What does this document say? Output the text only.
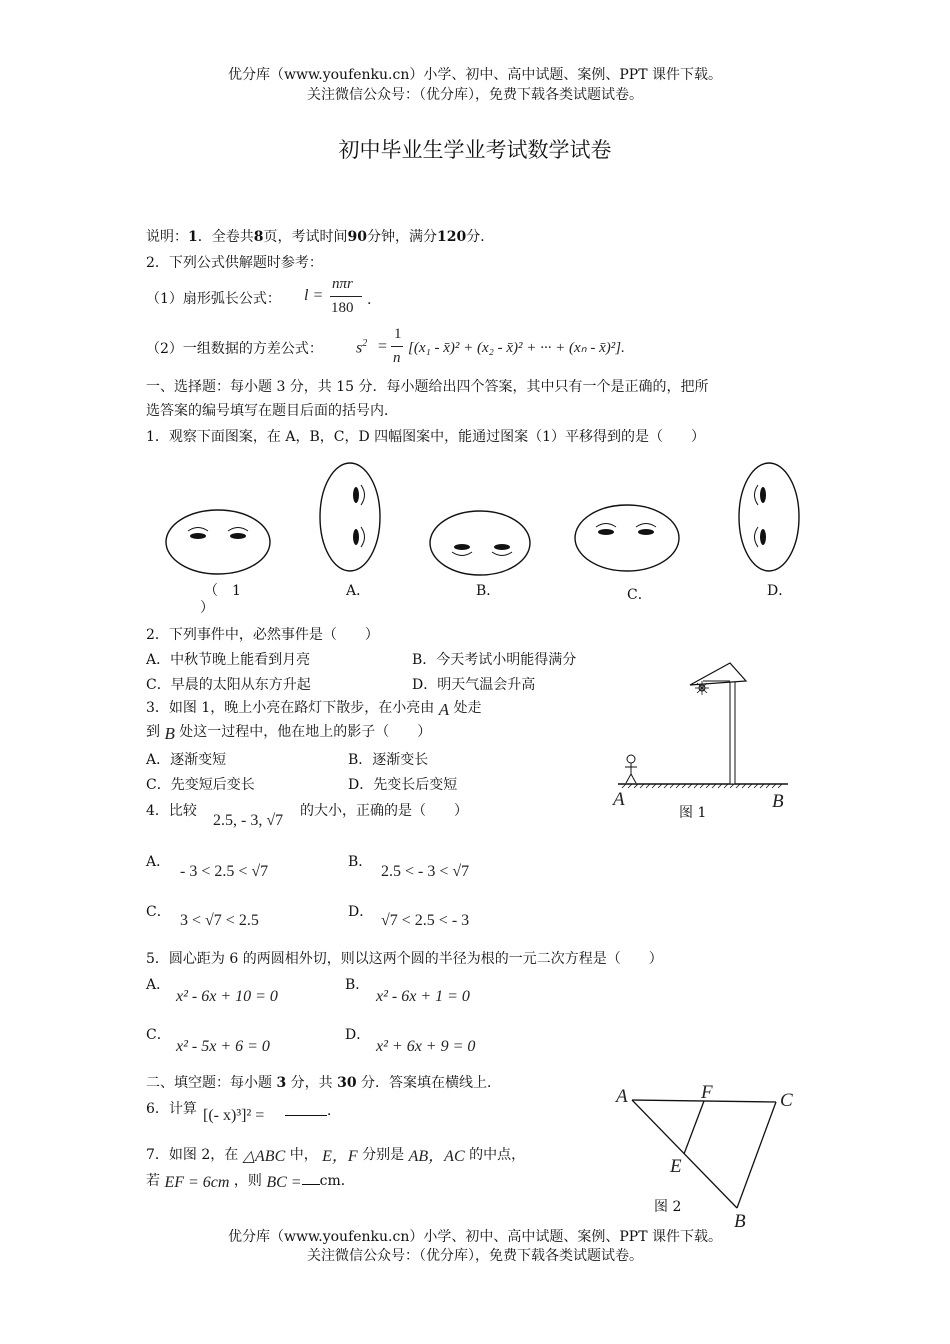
优分库（www.youfenku.cn）小学、初中、高中试题、案例、PPT 课件下载。
关注微信公众号：（优分库），免费下载各类试题试卷。
初中毕业生学业考试数学试卷
说明：1．全卷共8页，考试时间90分钟，满分120分．
2．下列公式供解题时参考：
（1）扇形弧长公式： l =
nπr
180 .
（2）一组数据的方差公式： $s^2$ =
1
n
[(x₁ - x̄)² + (x₂ - x̄)² + ··· + (xₙ - x̄)²].
一、选择题：每小题 3 分，共 15 分．每小题给出四个答案，其中只有一个是正确的，把所
选答案的编号填写在题目后面的括号内．
1．观察下面图案，在 A，B，C，D 四幅图案中，能通过图案（1）平移得到的是（　　）
（　1
）
A．	B．	C．	D．
2．下列事件中，必然事件是（　　）
A．中秋节晚上能看到月亮	B．今天考试小明能得满分
C．早晨的太阳从东方升起	D．明天气温会升高
3．如图 1，晚上小亮在路灯下散步，在小亮由 A 处走
到 B 处这一过程中，他在地上的影子（　　）
A．逐渐变短	B．逐渐变长
C．先变短后变长	D．先变长后变短
A	B
图 1
4．比较
2.5, - 3, √7
的大小，正确的是（　　）
A．
- 3 < 2.5 < √7
B．
2.5 < - 3 < √7
C． 3 < √7 < 2.5	D． √7 < 2.5 < - 3
5．圆心距为 6 的两圆相外切，则以这两个圆的半径为根的一元二次方程是（　　）
A．
x² - 6x + 10 = 0
B．
x² - 6x + 1 = 0
C．
x² - 5x + 6 = 0
D．
x² + 6x + 9 = 0
二、填空题：每小题 3 分，共 30 分．答案填在横线上．
6．计算 [(- x)³]² =	．
7．如图 2，在 △ABC 中， E，F 分别是 AB，AC 的中点，
若 EF = 6cm ，则 BC = cm．
A	F	C
E
图 2
B
优分库（www.youfenku.cn）小学、初中、高中试题、案例、PPT 课件下载。
关注微信公众号：（优分库），免费下载各类试题试卷。
